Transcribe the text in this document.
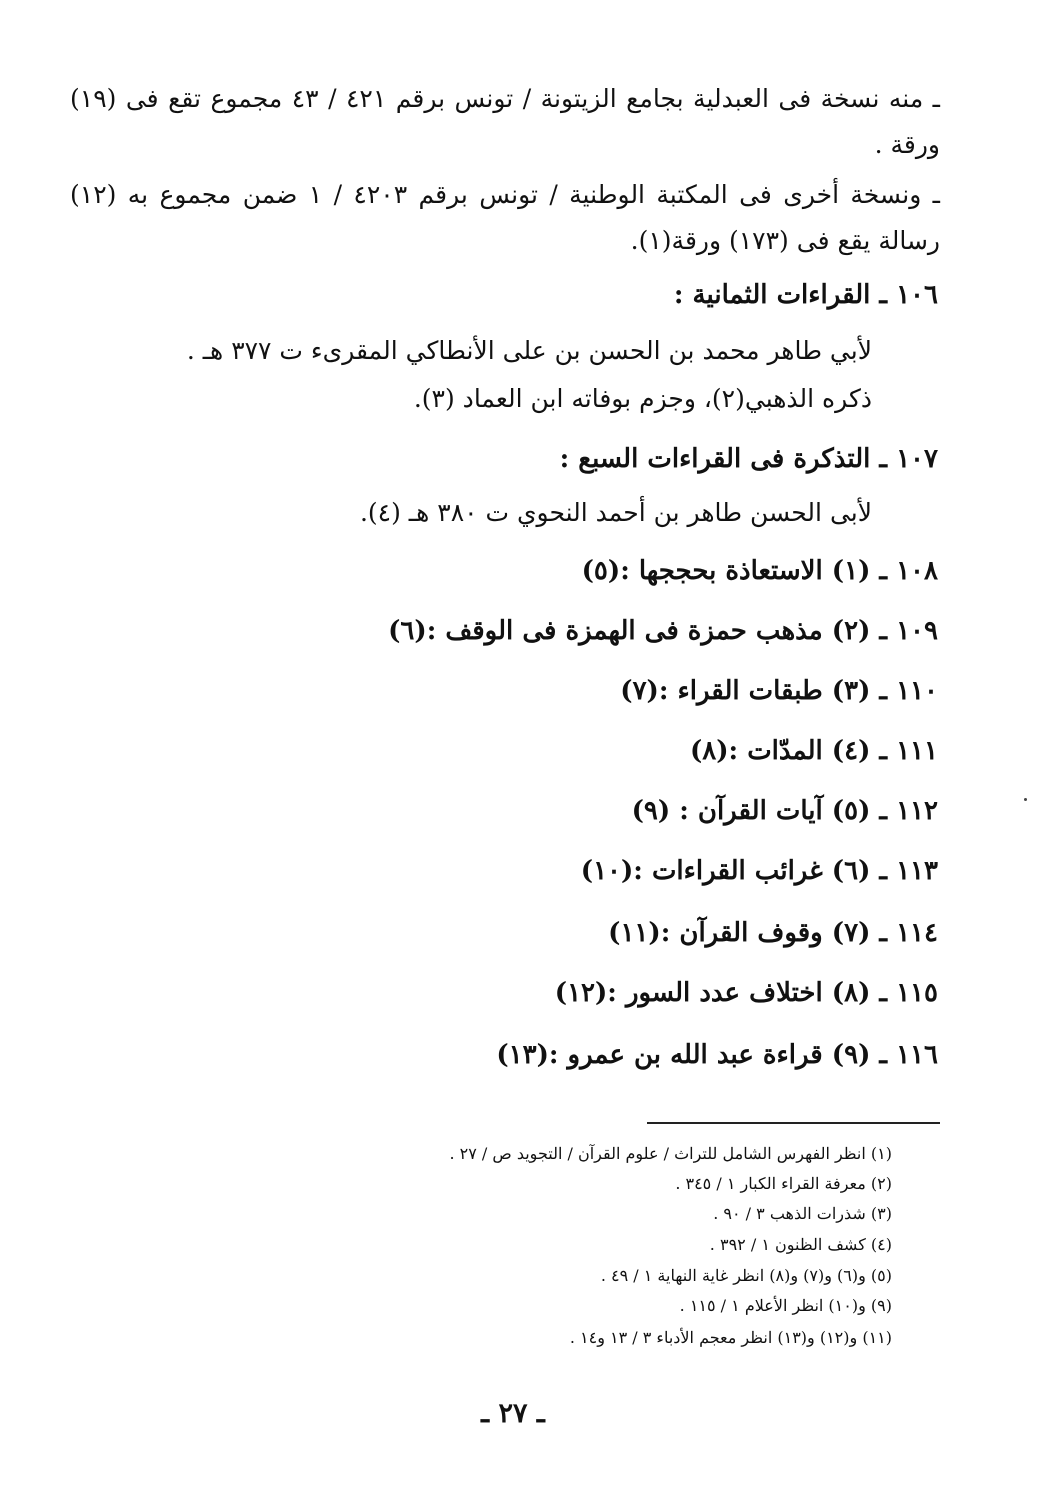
ـ منه نسخة فى العبدلية بجامع الزيتونة / تونس برقم ٤٢١ / ٤٣ مجموع تقع فى (١٩) ورقة .
ـ ونسخة أخرى فى المكتبة الوطنية / تونس برقم ٤٢٠٣ / ١ ضمن مجموع به (١٢) رسالة يقع فى (١٧٣) ورقة(١).
١٠٦ ـ القراءات الثمانية :
لأبي طاهر محمد بن الحسن بن على الأنطاكي المقرىء ت ٣٧٧ هـ .
ذكره الذهبي(٢)، وجزم بوفاته ابن العماد (٣).
١٠٧ ـ التذكرة فى القراءات السبع :
لأبى الحسن طاهر بن أحمد النحوي ت ٣٨٠ هـ (٤).
١٠٨ ـ (١) الاستعاذة بحججها :(٥)
١٠٩ ـ (٢) مذهب حمزة فى الهمزة فى الوقف :(٦)
١١٠ ـ (٣) طبقات القراء :(٧)
١١١ ـ (٤) المدّات :(٨)
١١٢ ـ (٥) آيات القرآن : (٩)
١١٣ ـ (٦) غرائب القراءات :(١٠)
١١٤ ـ (٧) وقوف القرآن :(١١)
١١٥ ـ (٨) اختلاف عدد السور :(١٢)
١١٦ ـ (٩) قراءة عبد الله بن عمرو :(١٣)
(١) انظر الفهرس الشامل للتراث / علوم القرآن / التجويد ص / ٢٧ .
(٢) معرفة القراء الكبار ١ / ٣٤٥ .
(٣) شذرات الذهب ٣ / ٩٠ .
(٤) كشف الظنون ١ / ٣٩٢ .
(٥) و(٦) و(٧) و(٨) انظر غاية النهاية ١ / ٤٩ .
(٩) و(١٠) انظر الأعلام ١ / ١١٥ .
(١١) و(١٢) و(١٣) انظر معجم الأدباء ٣ / ١٣ و١٤ .
ـ ٢٧ ـ
